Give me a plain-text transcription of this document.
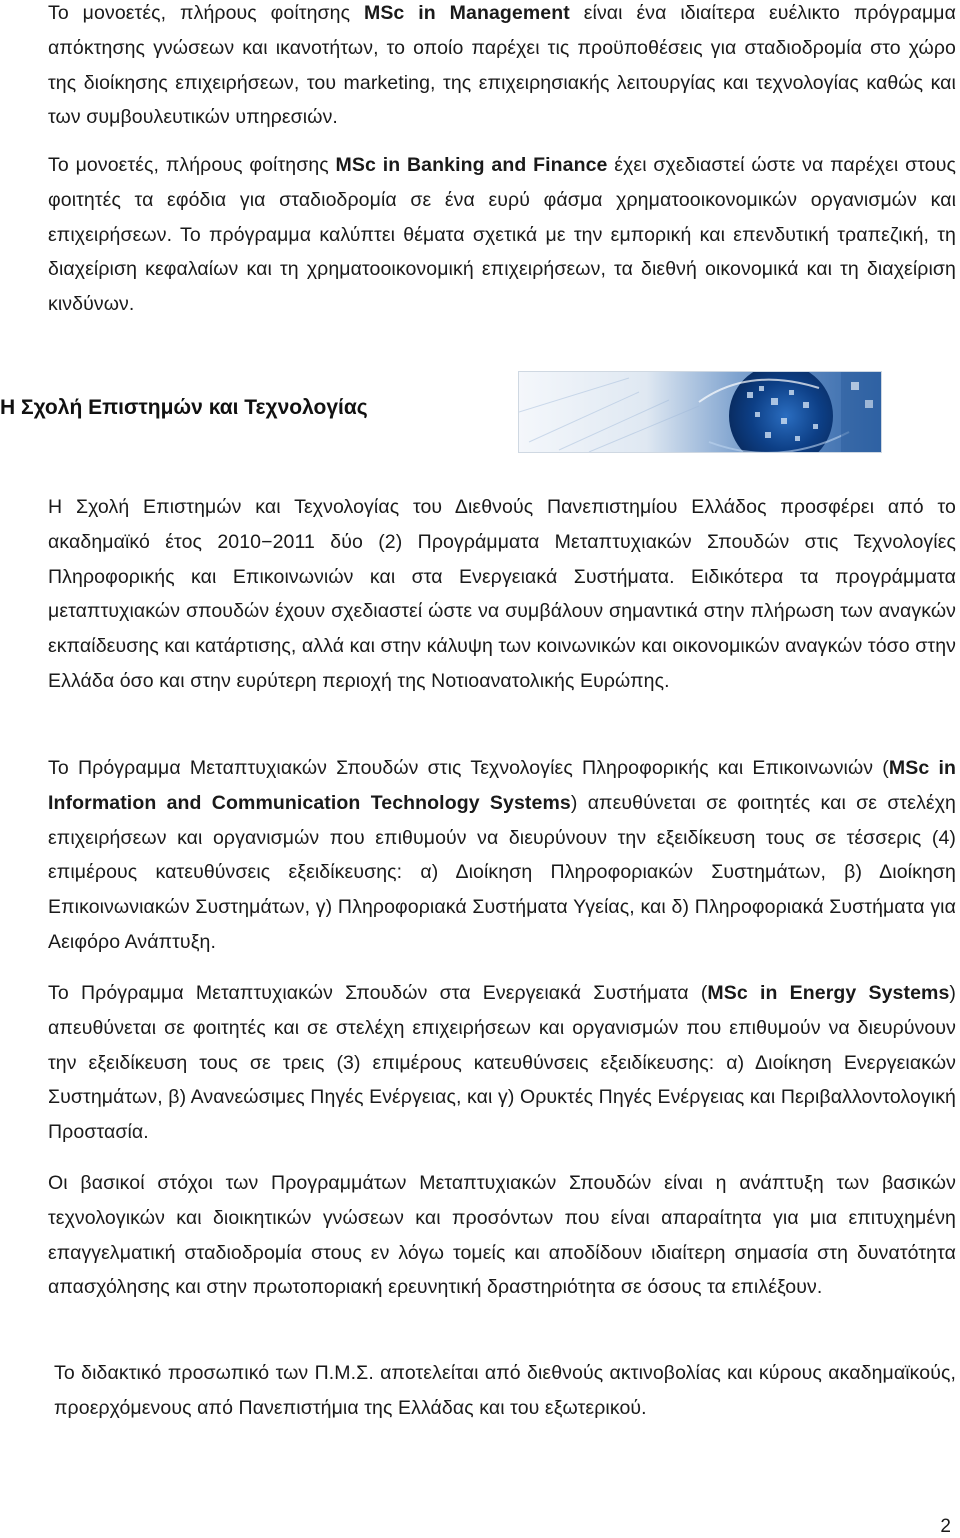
Το μονοετές, πλήρους φοίτησης MSc in Management είναι ένα ιδιαίτερα ευέλικτο πρόγραμμα απόκτησης γνώσεων και ικανοτήτων, το οποίο παρέχει τις προϋποθέσεις για σταδιοδρομία στο χώρο της διοίκησης επιχειρήσεων, του marketing, της επιχειρησιακής λειτουργίας και τεχνολογίας καθώς και των συμβουλευτικών υπηρεσιών.

Το μονοετές, πλήρους φοίτησης MSc in Banking and Finance έχει σχεδιαστεί ώστε να παρέχει στους φοιτητές τα εφόδια για σταδιοδρομία σε ένα ευρύ φάσμα χρηματοοικονομικών οργανισμών και επιχειρήσεων. Το πρόγραμμα καλύπτει θέματα σχετικά με την εμπορική και επενδυτική τραπεζική, τη διαχείριση κεφαλαίων και τη χρηματοοικονομική επιχειρήσεων, τα διεθνή οικονομικά και τη διαχείριση κινδύνων.

Η Σχολή Επιστημών και Τεχνολογίας

Η Σχολή Επιστημών και Τεχνολογίας του Διεθνούς Πανεπιστημίου Ελλάδος προσφέρει από το ακαδημαϊκό έτος 2010−2011 δύο (2) Προγράμματα Μεταπτυχιακών Σπουδών στις Τεχνολογίες Πληροφορικής και Επικοινωνιών και στα Ενεργειακά Συστήματα. Ειδικότερα τα προγράμματα μεταπτυχιακών σπουδών έχουν σχεδιαστεί ώστε να συμβάλουν σημαντικά στην πλήρωση των αναγκών εκπαίδευσης και κατάρτισης, αλλά και στην κάλυψη των κοινωνικών και οικονομικών αναγκών τόσο στην Ελλάδα όσο και στην ευρύτερη περιοχή της Νοτιοανατολικής Ευρώπης.

Το Πρόγραμμα Μεταπτυχιακών Σπουδών στις Τεχνολογίες Πληροφορικής και Επικοινωνιών (MSc in Information and Communication Technology Systems) απευθύνεται σε φοιτητές και σε στελέχη επιχειρήσεων και οργανισμών που επιθυμούν να διευρύνουν την εξειδίκευση τους σε τέσσερις (4) επιμέρους κατευθύνσεις εξειδίκευσης: α) Διοίκηση Πληροφοριακών Συστημάτων, β) Διοίκηση Επικοινωνιακών Συστημάτων, γ) Πληροφοριακά Συστήματα Υγείας, και δ) Πληροφοριακά Συστήματα για Αειφόρο Ανάπτυξη.

Το Πρόγραμμα Μεταπτυχιακών Σπουδών στα Ενεργειακά Συστήματα (MSc in Energy Systems) απευθύνεται σε φοιτητές και σε στελέχη επιχειρήσεων και οργανισμών που επιθυμούν να διευρύνουν την εξειδίκευση τους σε τρεις (3) επιμέρους κατευθύνσεις εξειδίκευσης: α) Διοίκηση Ενεργειακών Συστημάτων, β) Ανανεώσιμες Πηγές Ενέργειας, και γ) Ορυκτές Πηγές Ενέργειας και Περιβαλλοντολογική Προστασία.

Οι βασικοί στόχοι των Προγραμμάτων Μεταπτυχιακών Σπουδών είναι η ανάπτυξη των βασικών τεχνολογικών και διοικητικών γνώσεων και προσόντων που είναι απαραίτητα για μια επιτυχημένη επαγγελματική σταδιοδρομία στους εν λόγω τομείς και αποδίδουν ιδιαίτερη σημασία στη δυνατότητα απασχόλησης και στην πρωτοποριακή ερευνητική δραστηριότητα σε όσους τα επιλέξουν.

Το διδακτικό προσωπικό των Π.Μ.Σ. αποτελείται από διεθνούς ακτινοβολίας και κύρους ακαδημαϊκούς, προερχόμενους από Πανεπιστήμια της Ελλάδας και του εξωτερικού.

2
